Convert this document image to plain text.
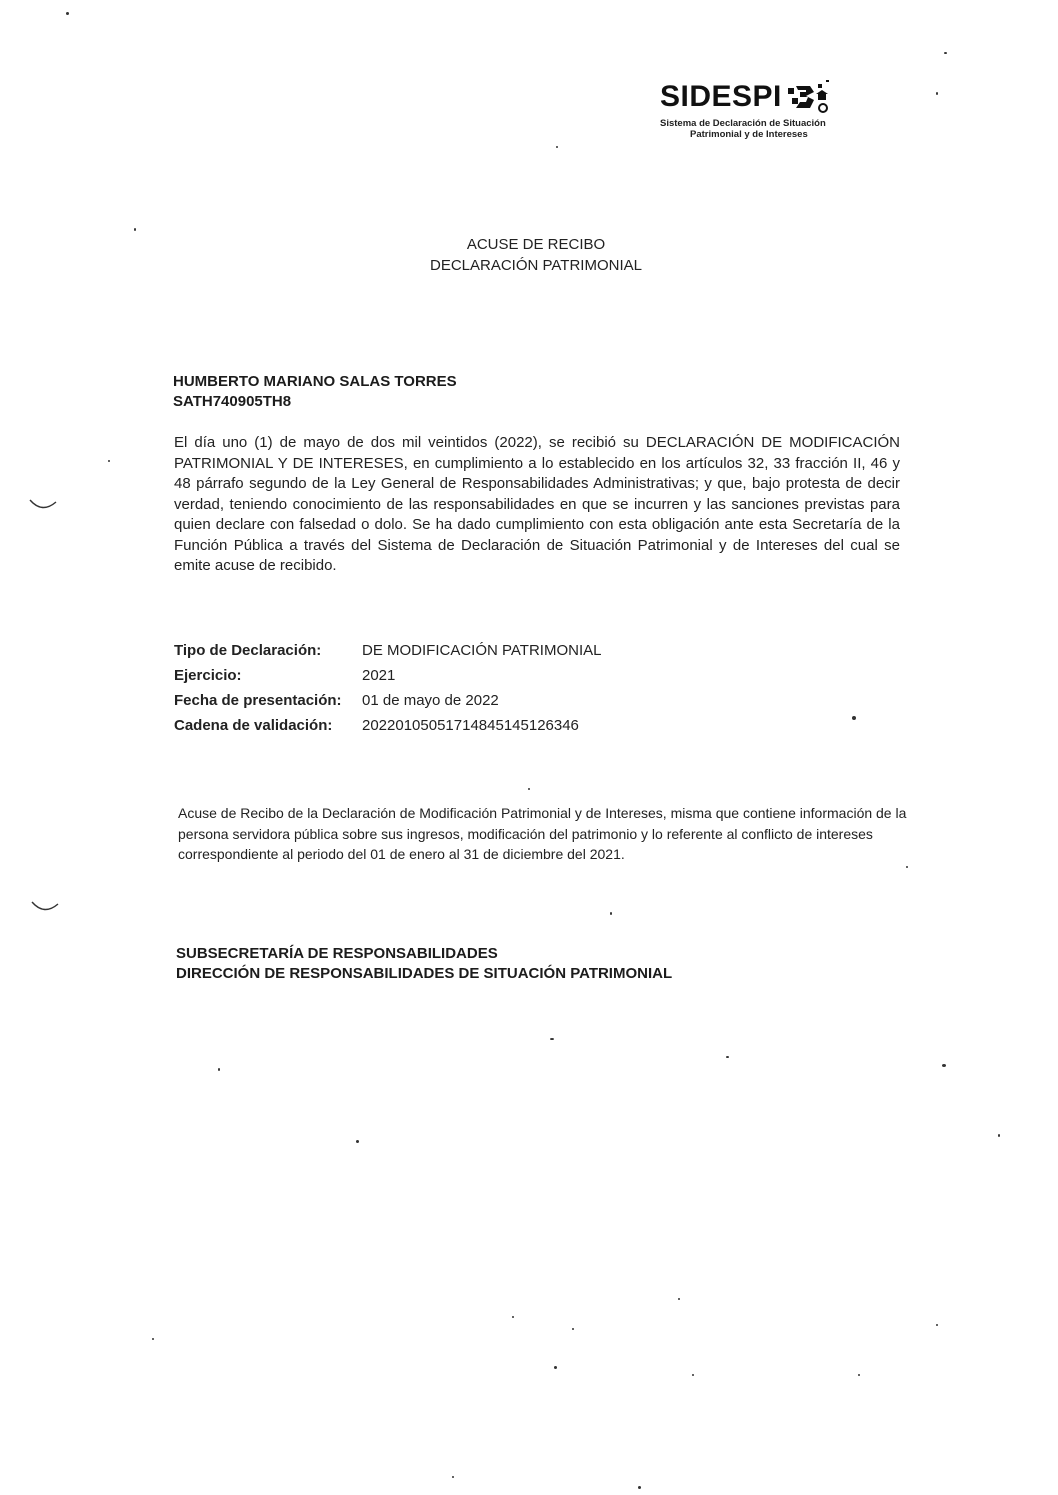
SIDESPI
Sistema de Declaración de Situación
Patrimonial y de Intereses
ACUSE DE RECIBO
DECLARACIÓN PATRIMONIAL
HUMBERTO MARIANO SALAS TORRES
SATH740905TH8
El día uno (1) de mayo de dos mil veintidos (2022), se recibió su DECLARACIÓN DE MODIFICACIÓN PATRIMONIAL Y DE INTERESES, en cumplimiento a lo establecido en los artículos 32, 33 fracción II, 46 y 48 párrafo segundo de la Ley General de Responsabilidades Administrativas; y que, bajo protesta de decir verdad, teniendo conocimiento de las responsabilidades en que se incurren y las sanciones previstas para quien declare con falsedad o dolo. Se ha dado cumplimiento con esta obligación ante esta Secretaría de la Función Pública a través del Sistema de Declaración de Situación Patrimonial y de Intereses del cual se emite acuse de recibido.
Tipo de Declaración:	DE MODIFICACIÓN PATRIMONIAL
Ejercicio:	2021
Fecha de presentación:	01 de mayo de 2022
Cadena de validación:	20220105051714845145126346
Acuse de Recibo de la Declaración de Modificación Patrimonial y de Intereses, misma que contiene información de la persona servidora pública sobre sus ingresos, modificación del patrimonio y lo referente al conflicto de intereses correspondiente al periodo del 01 de enero al 31 de diciembre del 2021.
SUBSECRETARÍA DE RESPONSABILIDADES
DIRECCIÓN DE RESPONSABILIDADES DE SITUACIÓN PATRIMONIAL
